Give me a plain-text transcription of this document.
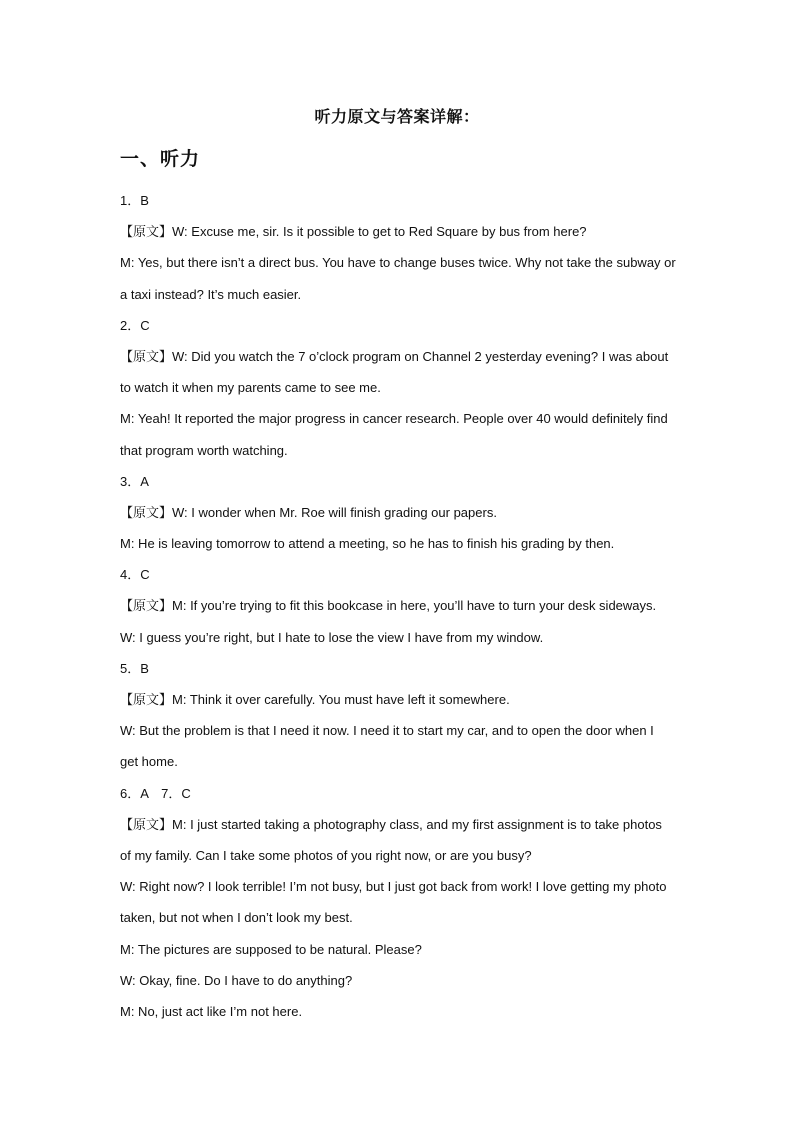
听力原文与答案详解：
一、听力
1．B
【原文】W: Excuse me, sir. Is it possible to get to Red Square by bus from here?
M: Yes, but there isn’t a direct bus. You have to change buses twice. Why not take the subway or
a taxi instead? It’s much easier.
2．C
【原文】W: Did you watch the 7 o’clock program on Channel 2 yesterday evening? I was about
to watch it when my parents came to see me.
M: Yeah! It reported the major progress in cancer research. People over 40 would definitely find
that program worth watching.
3．A
【原文】W: I wonder when Mr. Roe will finish grading our papers.
M: He is leaving tomorrow to attend a meeting, so he has to finish his grading by then.
4．C
【原文】M: If you’re trying to fit this bookcase in here, you’ll have to turn your desk sideways.
W: I guess you’re right, but I hate to lose the view I have from my window.
5．B
【原文】M: Think it over carefully. You must have left it somewhere.
W: But the problem is that I need it now. I need it to start my car, and to open the door when I
get home.
6．A　7．C
【原文】M: I just started taking a photography class, and my first assignment is to take photos
of my family. Can I take some photos of you right now, or are you busy?
W: Right now? I look terrible! I’m not busy, but I just got back from work! I love getting my photo
taken, but not when I don’t look my best.
M: The pictures are supposed to be natural. Please?
W: Okay, fine. Do I have to do anything?
M: No, just act like I’m not here.
